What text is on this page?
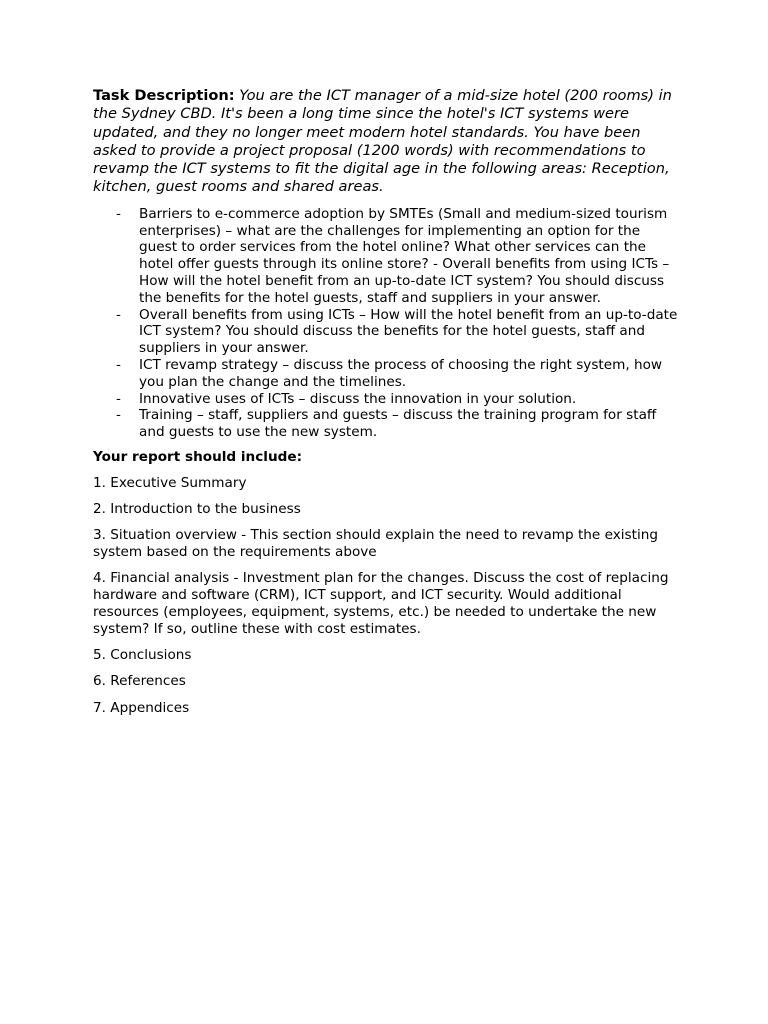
Task Description: You are the ICT manager of a mid-size hotel (200 rooms) in the Sydney CBD. It's been a long time since the hotel's ICT systems were updated, and they no longer meet modern hotel standards. You have been asked to provide a project proposal (1200 words) with recommendations to revamp the ICT systems to fit the digital age in the following areas: Reception, kitchen, guest rooms and shared areas.

- Barriers to e-commerce adoption by SMTEs (Small and medium-sized tourism enterprises) – what are the challenges for implementing an option for the guest to order services from the hotel online? What other services can the hotel offer guests through its online store? - Overall benefits from using ICTs – How will the hotel benefit from an up-to-date ICT system? You should discuss the benefits for the hotel guests, staff and suppliers in your answer.
- Overall benefits from using ICTs – How will the hotel benefit from an up-to-date ICT system? You should discuss the benefits for the hotel guests, staff and suppliers in your answer.
- ICT revamp strategy – discuss the process of choosing the right system, how you plan the change and the timelines.
- Innovative uses of ICTs – discuss the innovation in your solution.
- Training – staff, suppliers and guests – discuss the training program for staff and guests to use the new system.

Your report should include:

1. Executive Summary

2. Introduction to the business

3. Situation overview - This section should explain the need to revamp the existing system based on the requirements above

4. Financial analysis - Investment plan for the changes. Discuss the cost of replacing hardware and software (CRM), ICT support, and ICT security. Would additional resources (employees, equipment, systems, etc.) be needed to undertake the new system? If so, outline these with cost estimates.

5. Conclusions

6. References

7. Appendices
